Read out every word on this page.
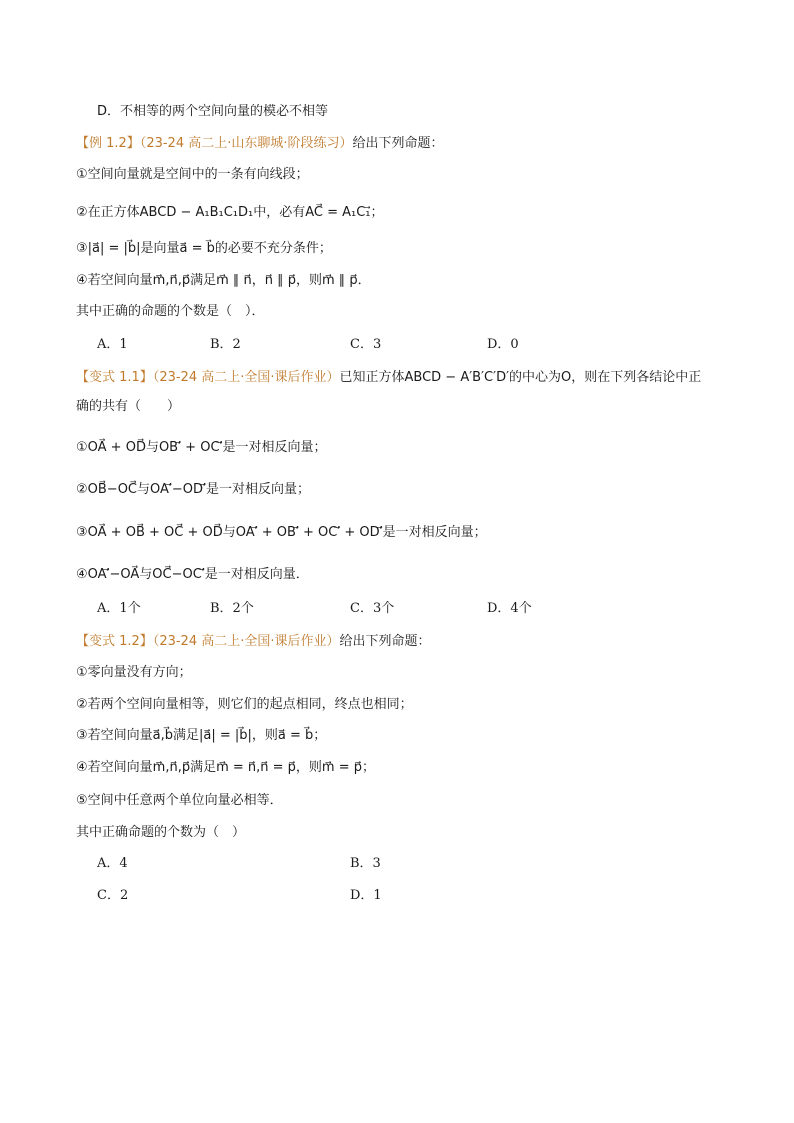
D．不相等的两个空间向量的模必不相等
【例 1.2】（23-24 高二上·山东聊城·阶段练习）给出下列命题：
①空间向量就是空间中的一条有向线段；
②在正方体ABCD − A₁B₁C₁D₁中，必有AC⃗ = A₁C₁⃗；
③|a⃗| = |b⃗|是向量a⃗ = b⃗的必要不充分条件；
④若空间向量m⃗,n⃗,p⃗满足m⃗ ∥ n⃗，n⃗ ∥ p⃗，则m⃗ ∥ p⃗．
其中正确的命题的个数是（　）．
A．1	B．2	C．3	D．0
【变式 1.1】（23-24 高二上·全国·课后作业）已知正方体ABCD − A′B′C′D′的中心为O，则在下列各结论中正
确的共有（　　）
①OA⃗ + OD⃗与OB′⃗ + OC′⃗是一对相反向量；
②OB⃗−OC⃗与OA′⃗−OD′⃗是一对相反向量；
③OA⃗ + OB⃗ + OC⃗ + OD⃗与OA′⃗ + OB′⃗ + OC′⃗ + OD′⃗是一对相反向量；
④OA′⃗−OA⃗与OC⃗−OC′⃗是一对相反向量．
A．1个	B．2个	C．3个	D．4个
【变式 1.2】（23-24 高二上·全国·课后作业）给出下列命题：
①零向量没有方向；
②若两个空间向量相等，则它们的起点相同，终点也相同；
③若空间向量a⃗,b⃗满足|a⃗| = |b⃗|，则a⃗ = b⃗；
④若空间向量m⃗,n⃗,p⃗满足m⃗ = n⃗,n⃗ = p⃗，则m⃗ = p⃗；
⑤空间中任意两个单位向量必相等．
其中正确命题的个数为（　）
A．4	B．3
C．2	D．1
